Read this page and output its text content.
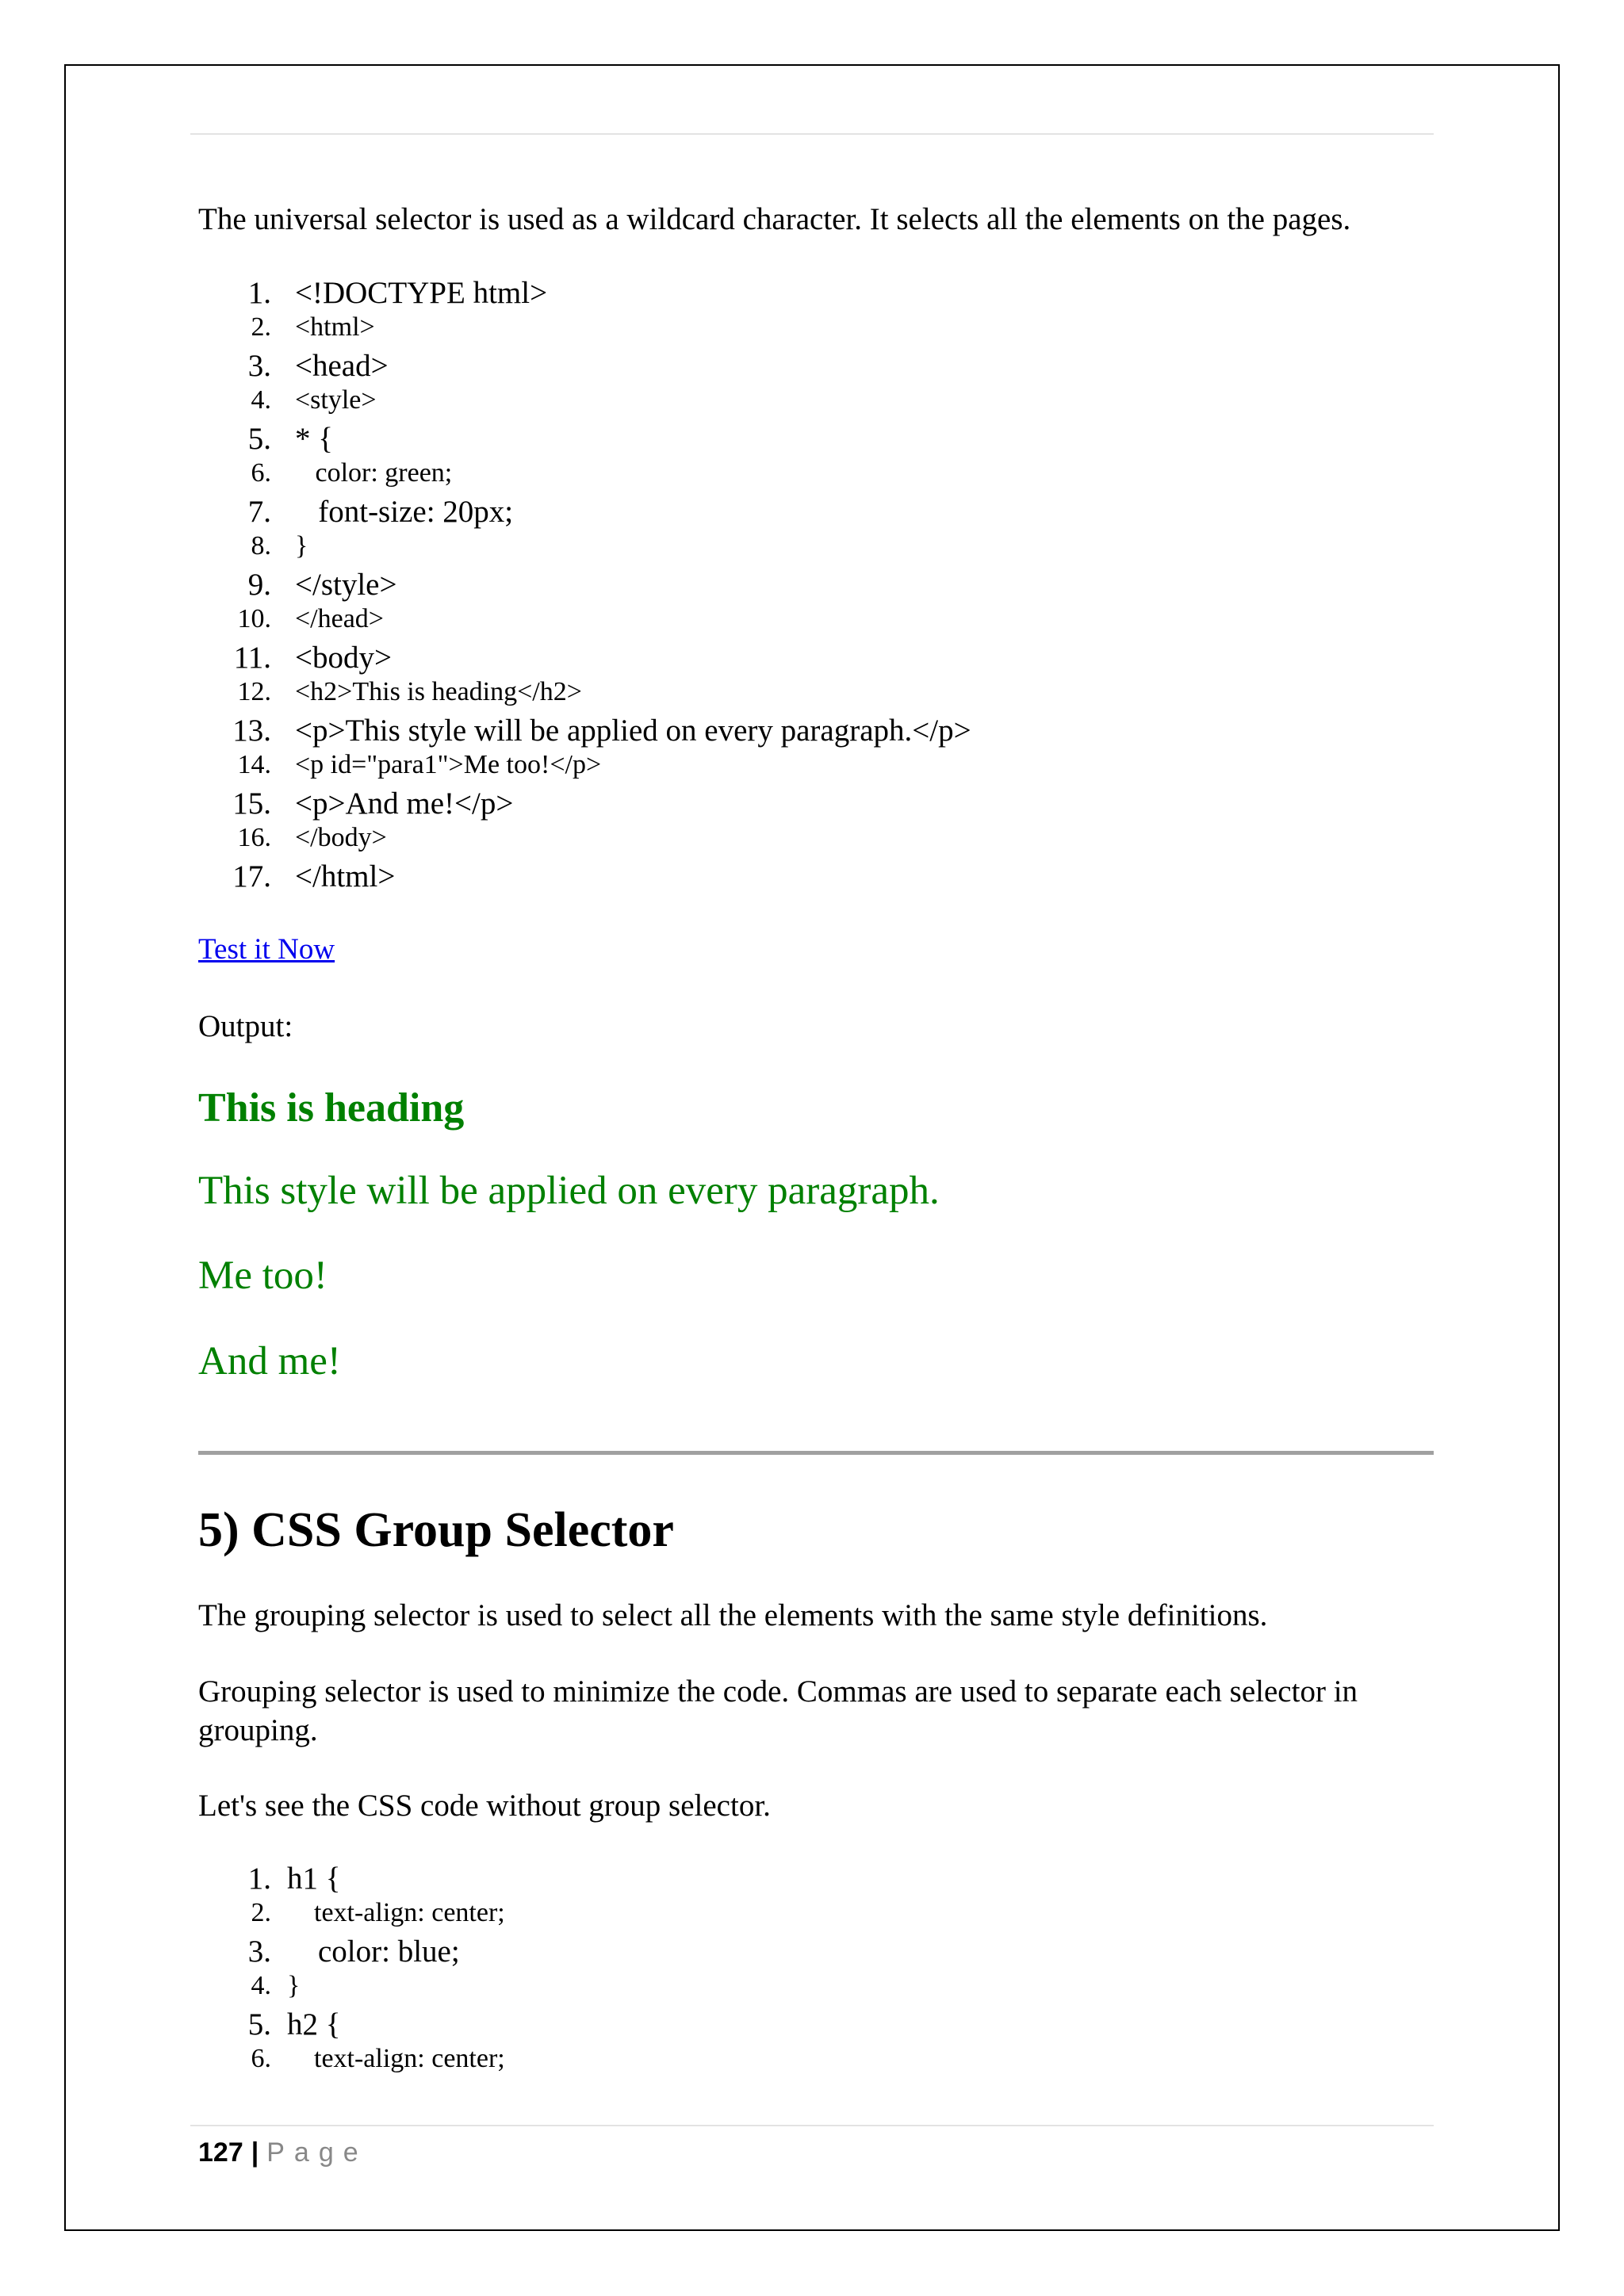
The universal selector is used as a wildcard character. It selects all the elements on the pages.
1. <!DOCTYPE html>
2. <html>
3. <head>
4. <style>
5. * {
6. color: green;
7. font-size: 20px;
8. }
9. </style>
10. </head>
11. <body>
12. <h2>This is heading</h2>
13. <p>This style will be applied on every paragraph.</p>
14. <p id="para1">Me too!</p>
15. <p>And me!</p>
16. </body>
17. </html>
Test it Now
Output:
This is heading
This style will be applied on every paragraph.
Me too!
And me!
5) CSS Group Selector
The grouping selector is used to select all the elements with the same style definitions.
Grouping selector is used to minimize the code. Commas are used to separate each selector in grouping.
Let's see the CSS code without group selector.
1. h1 {
2. text-align: center;
3. color: blue;
4. }
5. h2 {
6. text-align: center;
127 | Page
